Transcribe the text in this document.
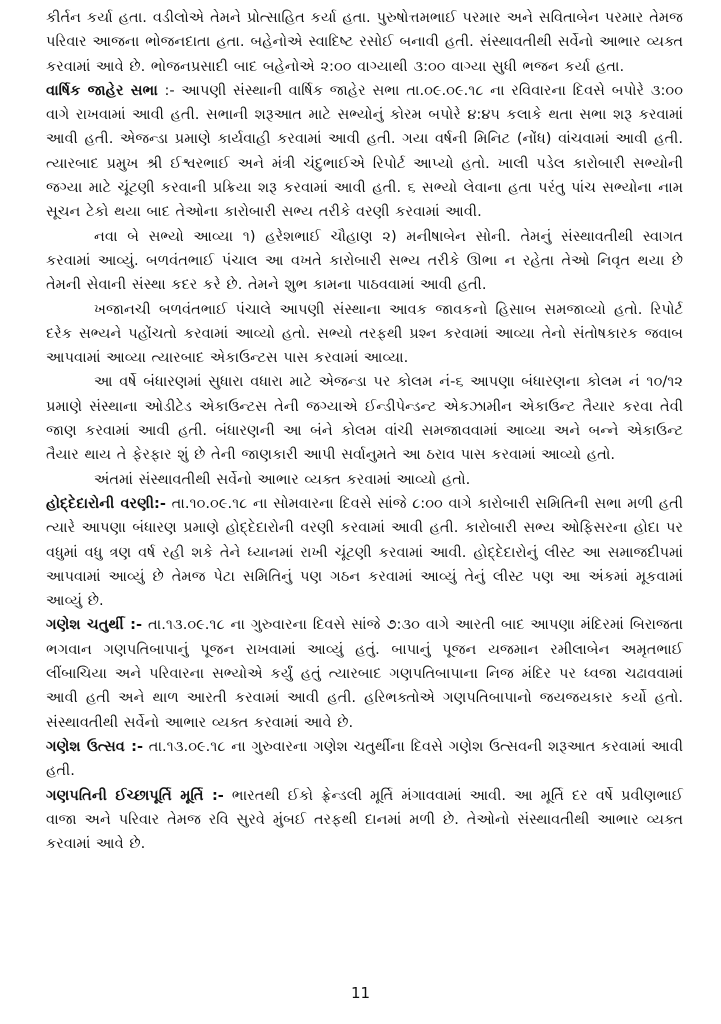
કીર્તન કર્યા હતા. વડીલોએ તેમને પ્રોત્સાહિત કર્યા હતા. પુરુષોત્તમભાઈ પરમાર અને સવિતાબેન પરમાર તેમજ પરિવાર આજના ભોજનદાતા હતા. બહેનોએ સ્વાદિષ્ટ રસોઈ બનાવી હતી. સંસ્થાવતીથી સર્વેનો આભાર વ્યક્ત કરવામાં આવે છે. ભોજનપ્રસાદી બાદ બહેનોએ ૨:૦૦ વાગ્યાથી ૩:૦૦ વાગ્યા સુધી ભજન કર્યા હતા.

વાર્ષિક જાહેર સભા :- આપણી સંસ્થાની વાર્ષિક જાહેર સભા તા.૦૯.૦૯.૧૮ ના રવિવારના દિવસે બપોરે ૩:૦૦ વાગે રાખવામાં આવી હતી. સભાની શરૂઆત માટે સભ્યોનું કોરમ બપોરે ૪:૪૫ કલાકે થતા સભા શરૂ કરવામાં આવી હતી. એજન્ડા પ્રમાણે કાર્યવાહી કરવામાં આવી હતી. ગયા વર્ષની મિનિટ (નોંધ) વાંચવામાં આવી હતી. ત્યારબાદ પ્રમુખ શ્રી ઈશ્વરભાઈ અને મંત્રી ચંદુભાઈએ રિપોર્ટ આપ્યો હતો. ખાલી પડેલ કારોબારી સભ્યોની જગ્યા માટે ચૂંટણી કરવાની પ્રક્રિયા શરૂ કરવામાં આવી હતી. ૬ સભ્યો લેવાના હતા પરંતુ પાંચ સભ્યોના નામ સૂચન ટેકો થયા બાદ તેઓના કારોબારી સભ્ય તરીકે વરણી કરવામાં આવી.

નવા બે સભ્યો આવ્યા ૧) હરેશભાઈ ચૌહાણ ૨) મનીષાબેન સોની. તેમનું સંસ્થાવતીથી સ્વાગત કરવામાં આવ્યું. બળવંતભાઈ પંચાલ આ વખતે કારોબારી સભ્ય તરીકે ઊભા ન રહેતા તેઓ નિવૃત થયા છે તેમની સેવાની સંસ્થા કદર કરે છે. તેમને શુભ કામના પાઠવવામાં આવી હતી.

ખજાનચી બળવંતભાઈ પંચાલે આપણી સંસ્થાના આવક જાવકનો હિસાબ સમજાવ્યો હતો. રિપોર્ટ દરેક સભ્યને પહોંચતો કરવામાં આવ્યો હતો. સભ્યો તરફથી પ્રશ્ન કરવામાં આવ્યા તેનો સંતોષકારક જવાબ આપવામાં આવ્યા ત્યારબાદ એકાઉન્ટસ પાસ કરવામાં આવ્યા.

આ વર્ષે બંધારણમાં સુધારા વધારા માટે એજન્ડા પર કોલમ નં-૬ આપણા બંધારણના કોલમ નં ૧૦/૧૨ પ્રમાણે સંસ્થાના ઓડીટેડ એકાઉન્ટસ તેની જગ્યાએ ઈન્ડીપેન્ડન્ટ એકઝામીન એકાઉન્ટ તૈયાર કરવા તેવી જાણ કરવામાં આવી હતી. બંધારણની આ બંને કોલમ વાંચી સમજાવવામાં આવ્યા અને બન્ને એકાઉન્ટ તૈયાર થાય તે ફેરફાર શું છે તેની જાણકારી આપી સર્વાનુમતે આ ઠરાવ પાસ કરવામાં આવ્યો હતો.

અંતમાં સંસ્થાવતીથી સર્વેનો આભાર વ્યક્ત કરવામાં આવ્યો હતો.

હોદ્દેદારોની વરણી:- તા.૧૦.૦૯.૧૮ ના સોમવારના દિવસે સાંજે ૮:૦૦ વાગે કારોબારી સમિતિની સભા મળી હતી ત્યારે આપણા બંધારણ પ્રમાણે હોદ્દેદારોની વરણી કરવામાં આવી હતી. કારોબારી સભ્ય ઓફિસરના હોદા પર વધુમાં વધુ ત્રણ વર્ષ રહી શકે તેને ધ્યાનમાં રાખી ચૂંટણી કરવામાં આવી. હોદ્દેદારોનું લીસ્ટ આ સમાજદીપમાં આપવામાં આવ્યું છે તેમજ પેટા સમિતિનું પણ ગઠન કરવામાં આવ્યું તેનું લીસ્ટ પણ આ અંકમાં મૂકવામાં આવ્યું છે.

ગણેશ ચતુર્થી :- તા.૧૩.૦૯.૧૮ ના ગુરુવારના દિવસે સાંજે ૭:૩૦ વાગે આરતી બાદ આપણા મંદિરમાં બિરાજતા ભગવાન ગણપતિબાપાનું પૂજન રાખવામાં આવ્યું હતું. બાપાનું પૂજન યજમાન રમીલાબેન અમૃતભાઈ લીંબાચિયા અને પરિવારના સભ્યોએ કર્યું હતું ત્યારબાદ ગણપતિબાપાના નિજ મંદિર પર ધ્વજા ચઢાવવામાં આવી હતી અને થાળ આરતી કરવામાં આવી હતી. હરિભક્તોએ ગણપતિબાપાનો જયજયકાર કર્યો હતો. સંસ્થાવતીથી સર્વેનો આભાર વ્યક્ત કરવામાં આવે છે.

ગણેશ ઉત્સવ :- તા.૧૩.૦૯.૧૮ ના ગુરુવારના ગણેશ ચતુર્થીના દિવસે ગણેશ ઉત્સવની શરૂઆત કરવામાં આવી હતી.

ગણપતિની ઈચ્છાપૂર્તિ મૂર્તિ :- ભારતથી ઈકો ફ્રેન્ડલી મૂર્તિ મંગાવવામાં આવી. આ મૂર્તિ દર વર્ષે પ્રવીણભાઈ વાજા અને પરિવાર તેમજ રવિ સુરવે મુંબઈ તરફથી દાનમાં મળી છે. તેઓનો સંસ્થાવતીથી આભાર વ્યક્ત કરવામાં આવે છે.

11
